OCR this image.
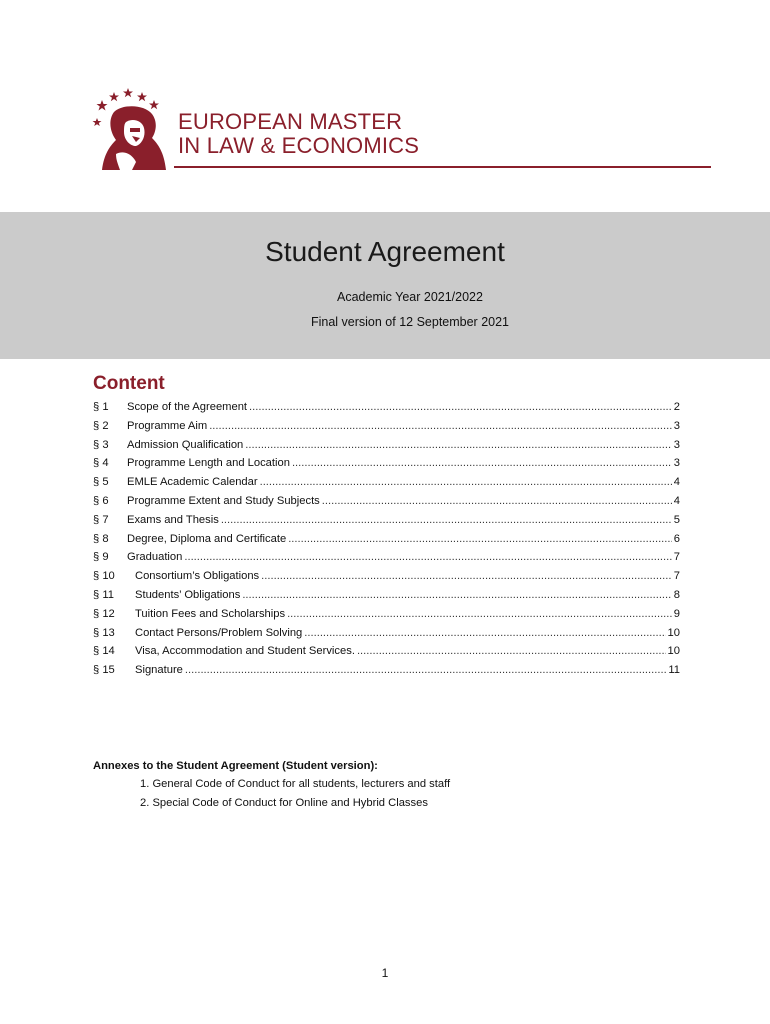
EUROPEAN MASTER
IN LAW & ECONOMICS
Student Agreement
Academic Year 2021/2022
Final version of 12 September 2021
Content
§ 1	Scope of the Agreement .....	2
§ 2	Programme Aim .....	3
§ 3	Admission Qualification .....	3
§ 4	Programme Length and Location .....	3
§ 5	EMLE Academic Calendar .....	4
§ 6	Programme Extent and Study Subjects .....	4
§ 7	Exams and Thesis .....	5
§ 8	Degree, Diploma and Certificate .....	6
§ 9	Graduation .....	7
§ 10	Consortium’s Obligations .....	7
§ 11	Students’ Obligations .....	8
§ 12	Tuition Fees and Scholarships .....	9
§ 13	Contact Persons/Problem Solving .....	10
§ 14	Visa, Accommodation and Student Services. .....	10
§ 15	Signature .....	11
Annexes to the Student Agreement (Student version):
1. General Code of Conduct for all students, lecturers and staff
2. Special Code of Conduct for Online and Hybrid Classes
1
